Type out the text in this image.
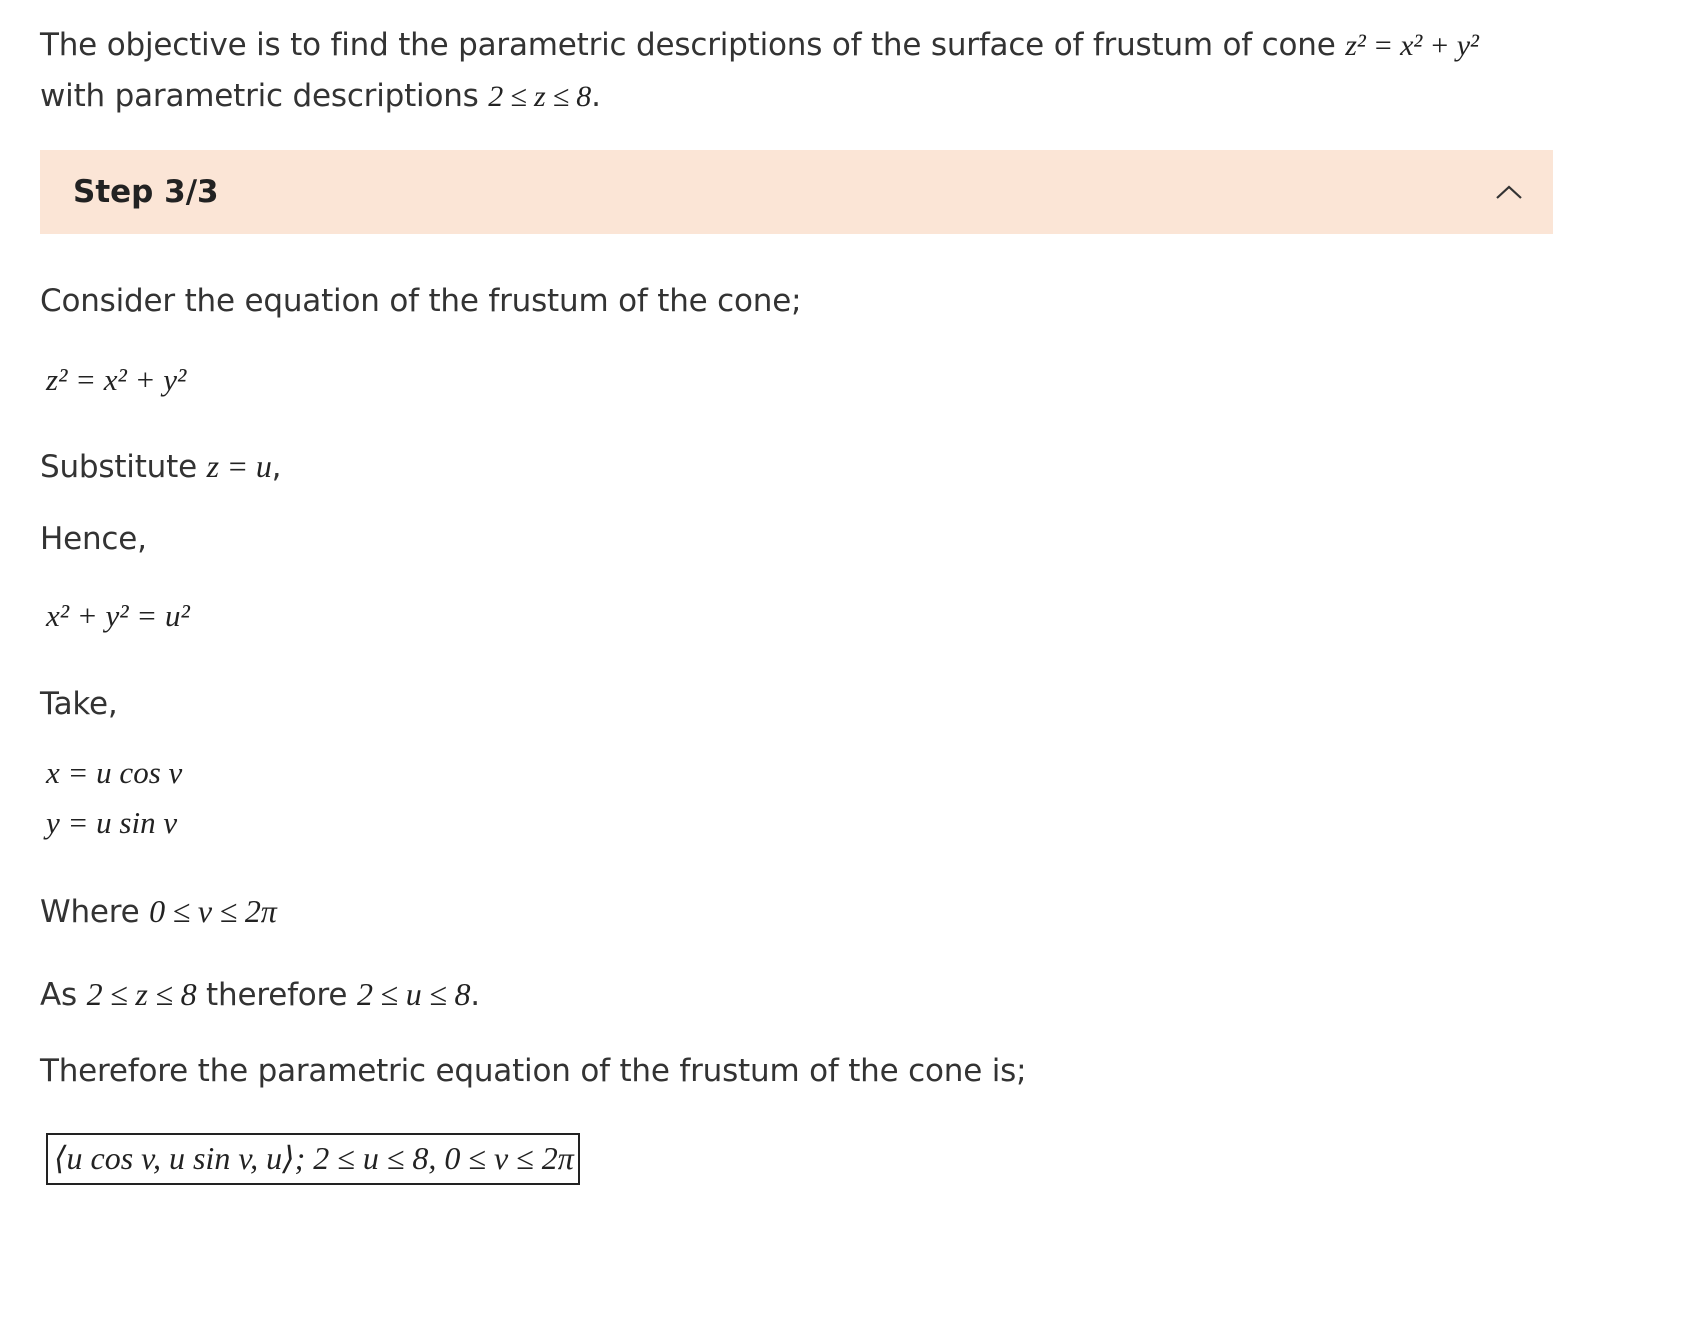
The objective is to find the parametric descriptions of the surface of frustum of cone z² = x² + y² with parametric descriptions 2 ≤ z ≤ 8.
Step 3/3
Consider the equation of the frustum of the cone;
z² = x² + y²
Substitute z = u,
Hence,
x² + y² = u²
Take,
x = u cos v
y = u sin v
Where 0 ≤ v ≤ 2π
As 2 ≤ z ≤ 8 therefore 2 ≤ u ≤ 8.
Therefore the parametric equation of the frustum of the cone is;
⟨u cos v, u sin v, u⟩; 2 ≤ u ≤ 8, 0 ≤ v ≤ 2π
